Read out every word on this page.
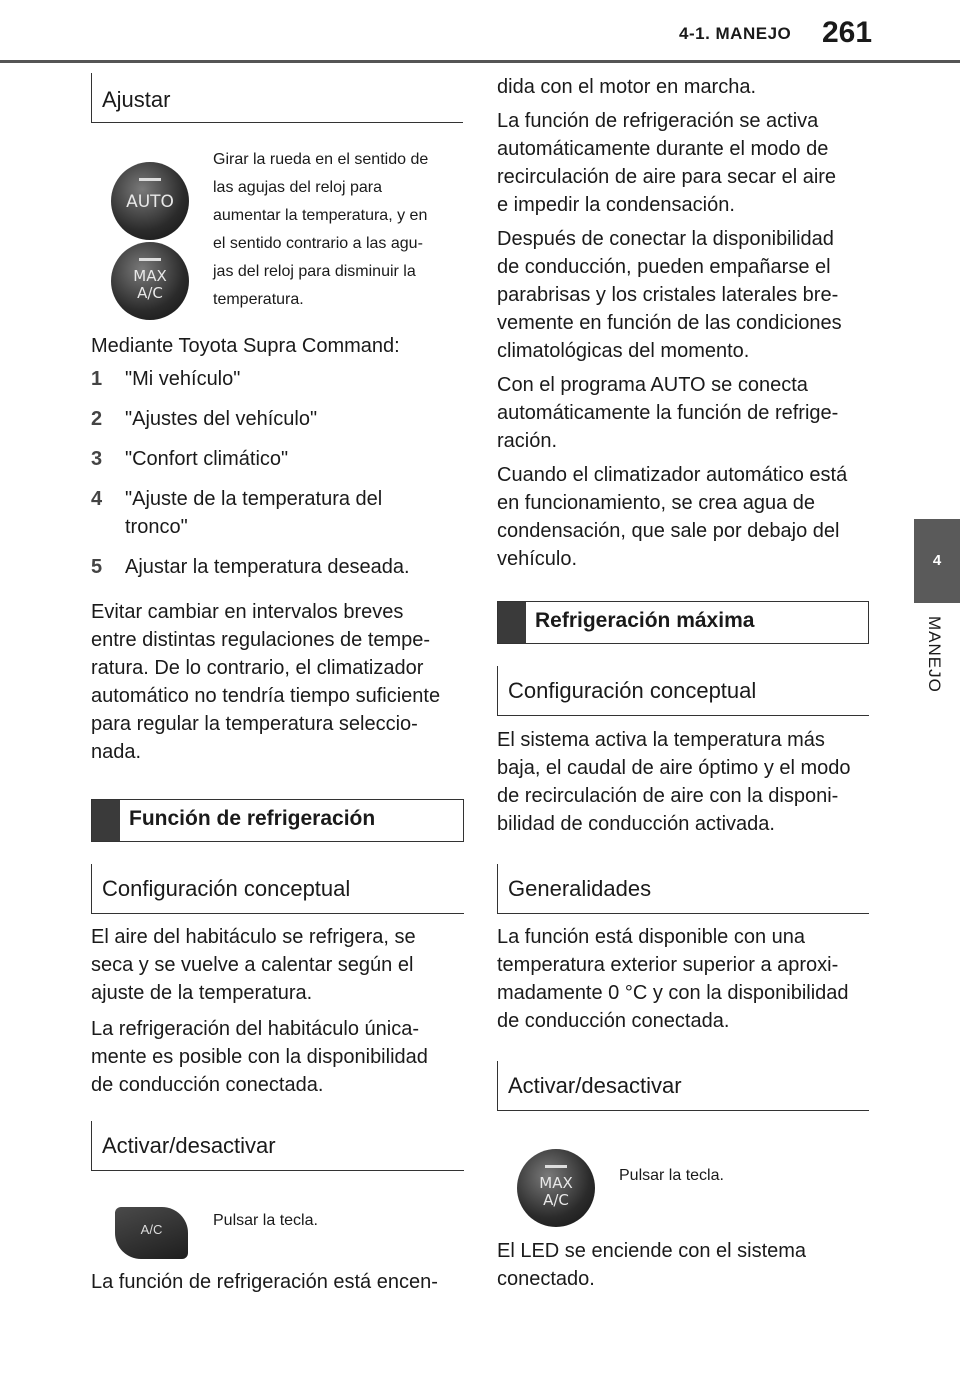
4-1. MANEJO 261
4
MANEJO
Ajustar
AUTO
MAX
A/C
Girar la rueda en el sentido de
las agujas del reloj para
aumentar la temperatura, y en
el sentido contrario a las agu-
jas del reloj para disminuir la
temperatura.

Mediante Toyota Supra Command:

1 "Mi vehículo"

2 "Ajustes del vehículo"

3 "Confort climático"

4 "Ajuste de la temperatura del

tronco"

5 Ajustar la temperatura deseada.

Evitar cambiar en intervalos breves

entre distintas regulaciones de tempe-

ratura. De lo contrario, el climatizador

automático no tendría tiempo suficiente

para regular la temperatura seleccio-

nada.

Función de refrigeración
Configuración conceptual

El aire del habitáculo se refrigera, se

seca y se vuelve a calentar según el

ajuste de la temperatura.

La refrigeración del habitáculo única-

mente es posible con la disponibilidad

de conducción conectada.

Activar/desactivar
A/C
Pulsar la tecla.
La función de refrigeración está encen-

dida con el motor en marcha.

La función de refrigeración se activa

automáticamente durante el modo de

recirculación de aire para secar el aire

e impedir la condensación.

Después de conectar la disponibilidad

de conducción, pueden empañarse el

parabrisas y los cristales laterales bre-

vemente en función de las condiciones

climatológicas del momento.

Con el programa AUTO se conecta

automáticamente la función de refrige-

ración.

Cuando el climatizador automático está

en funcionamiento, se crea agua de

condensación, que sale por debajo del

vehículo.

Refrigeración máxima
Configuración conceptual

El sistema activa la temperatura más

baja, el caudal de aire óptimo y el modo

de recirculación de aire con la disponi-

bilidad de conducción activada.

Generalidades

La función está disponible con una

temperatura exterior superior a aproxi-

madamente 0 °C y con la disponibilidad

de conducción conectada.

Activar/desactivar
MAX
A/C
Pulsar la tecla.

El LED se enciende con el sistema

conectado.
